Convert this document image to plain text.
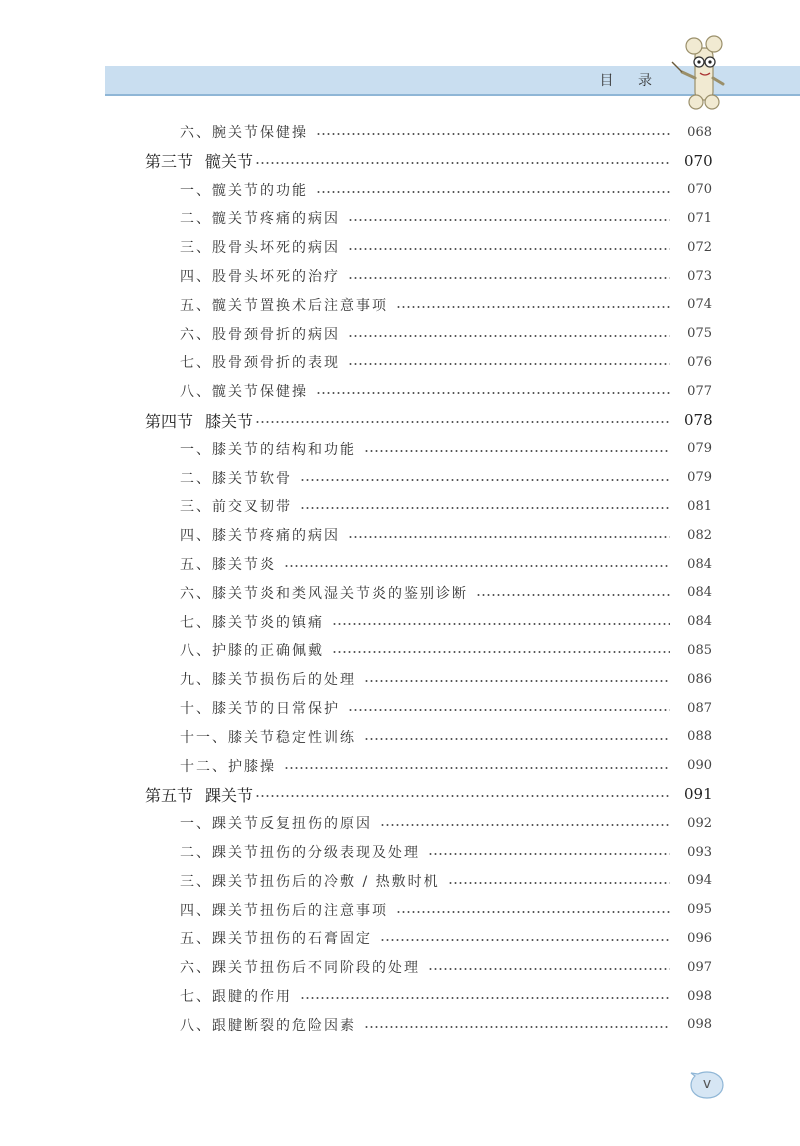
目 录
六、腕关节保健操	068
第三节 髋关节	070
一、髋关节的功能	070
二、髋关节疼痛的病因	071
三、股骨头坏死的病因	072
四、股骨头坏死的治疗	073
五、髋关节置换术后注意事项	074
六、股骨颈骨折的病因	075
七、股骨颈骨折的表现	076
八、髋关节保健操	077
第四节 膝关节	078
一、膝关节的结构和功能	079
二、膝关节软骨	079
三、前交叉韧带	081
四、膝关节疼痛的病因	082
五、膝关节炎	084
六、膝关节炎和类风湿关节炎的鉴别诊断	084
七、膝关节炎的镇痛	084
八、护膝的正确佩戴	085
九、膝关节损伤后的处理	086
十、膝关节的日常保护	087
十一、膝关节稳定性训练	088
十二、护膝操	090
第五节 踝关节	091
一、踝关节反复扭伤的原因	092
二、踝关节扭伤的分级表现及处理	093
三、踝关节扭伤后的冷敷 / 热敷时机	094
四、踝关节扭伤后的注意事项	095
五、踝关节扭伤的石膏固定	096
六、踝关节扭伤后不同阶段的处理	097
七、跟腱的作用	098
八、跟腱断裂的危险因素	098
v
